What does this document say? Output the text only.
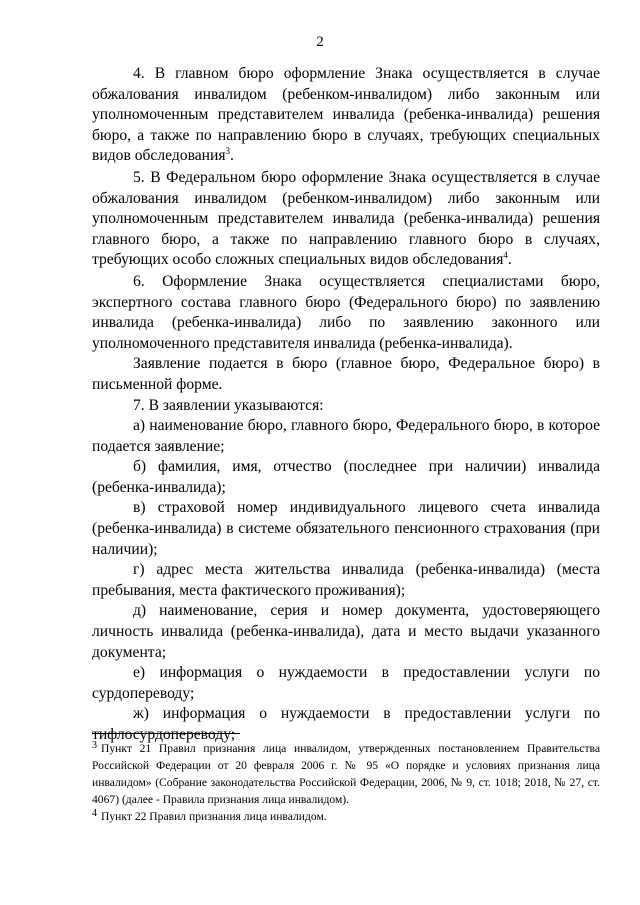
2

4. В главном бюро оформление Знака осуществляется в случае обжалования инвалидом (ребенком-инвалидом) либо законным или уполномоченным представителем инвалида (ребенка-инвалида) решения бюро, а также по направлению бюро в случаях, требующих специальных видов обследования$^3$.

5. В Федеральном бюро оформление Знака осуществляется в случае обжалования инвалидом (ребенком-инвалидом) либо законным или уполномоченным представителем инвалида (ребенка-инвалида) решения главного бюро, а также по направлению главного бюро в случаях, требующих особо сложных специальных видов обследования$^4$.

6. Оформление Знака осуществляется специалистами бюро, экспертного состава главного бюро (Федерального бюро) по заявлению инвалида (ребенка-инвалида) либо по заявлению законного или уполномоченного представителя инвалида (ребенка-инвалида).

Заявление подается в бюро (главное бюро, Федеральное бюро) в письменной форме.

7. В заявлении указываются:

а) наименование бюро, главного бюро, Федерального бюро, в которое подается заявление;

б) фамилия, имя, отчество (последнее при наличии) инвалида (ребенка-инвалида);

в) страховой номер индивидуального лицевого счета инвалида (ребенка-инвалида) в системе обязательного пенсионного страхования (при наличии);

г) адрес места жительства инвалида (ребенка-инвалида) (места пребывания, места фактического проживания);

д) наименование, серия и номер документа, удостоверяющего личность инвалида (ребенка-инвалида), дата и место выдачи указанного документа;

е) информация о нуждаемости в предоставлении услуги по сурдопереводу;

ж) информация о нуждаемости в предоставлении услуги по тифлосурдопереводу;

$^3$ Пункт 21 Правил признания лица инвалидом, утвержденных постановлением Правительства Российской Федерации от 20 февраля 2006 г. № 95 «О порядке и условиях признания лица инвалидом» (Собрание законодательства Российской Федерации, 2006, № 9, ст. 1018; 2018, № 27, ст. 4067) (далее - Правила признания лица инвалидом).

$^4$ Пункт 22 Правил признания лица инвалидом.
